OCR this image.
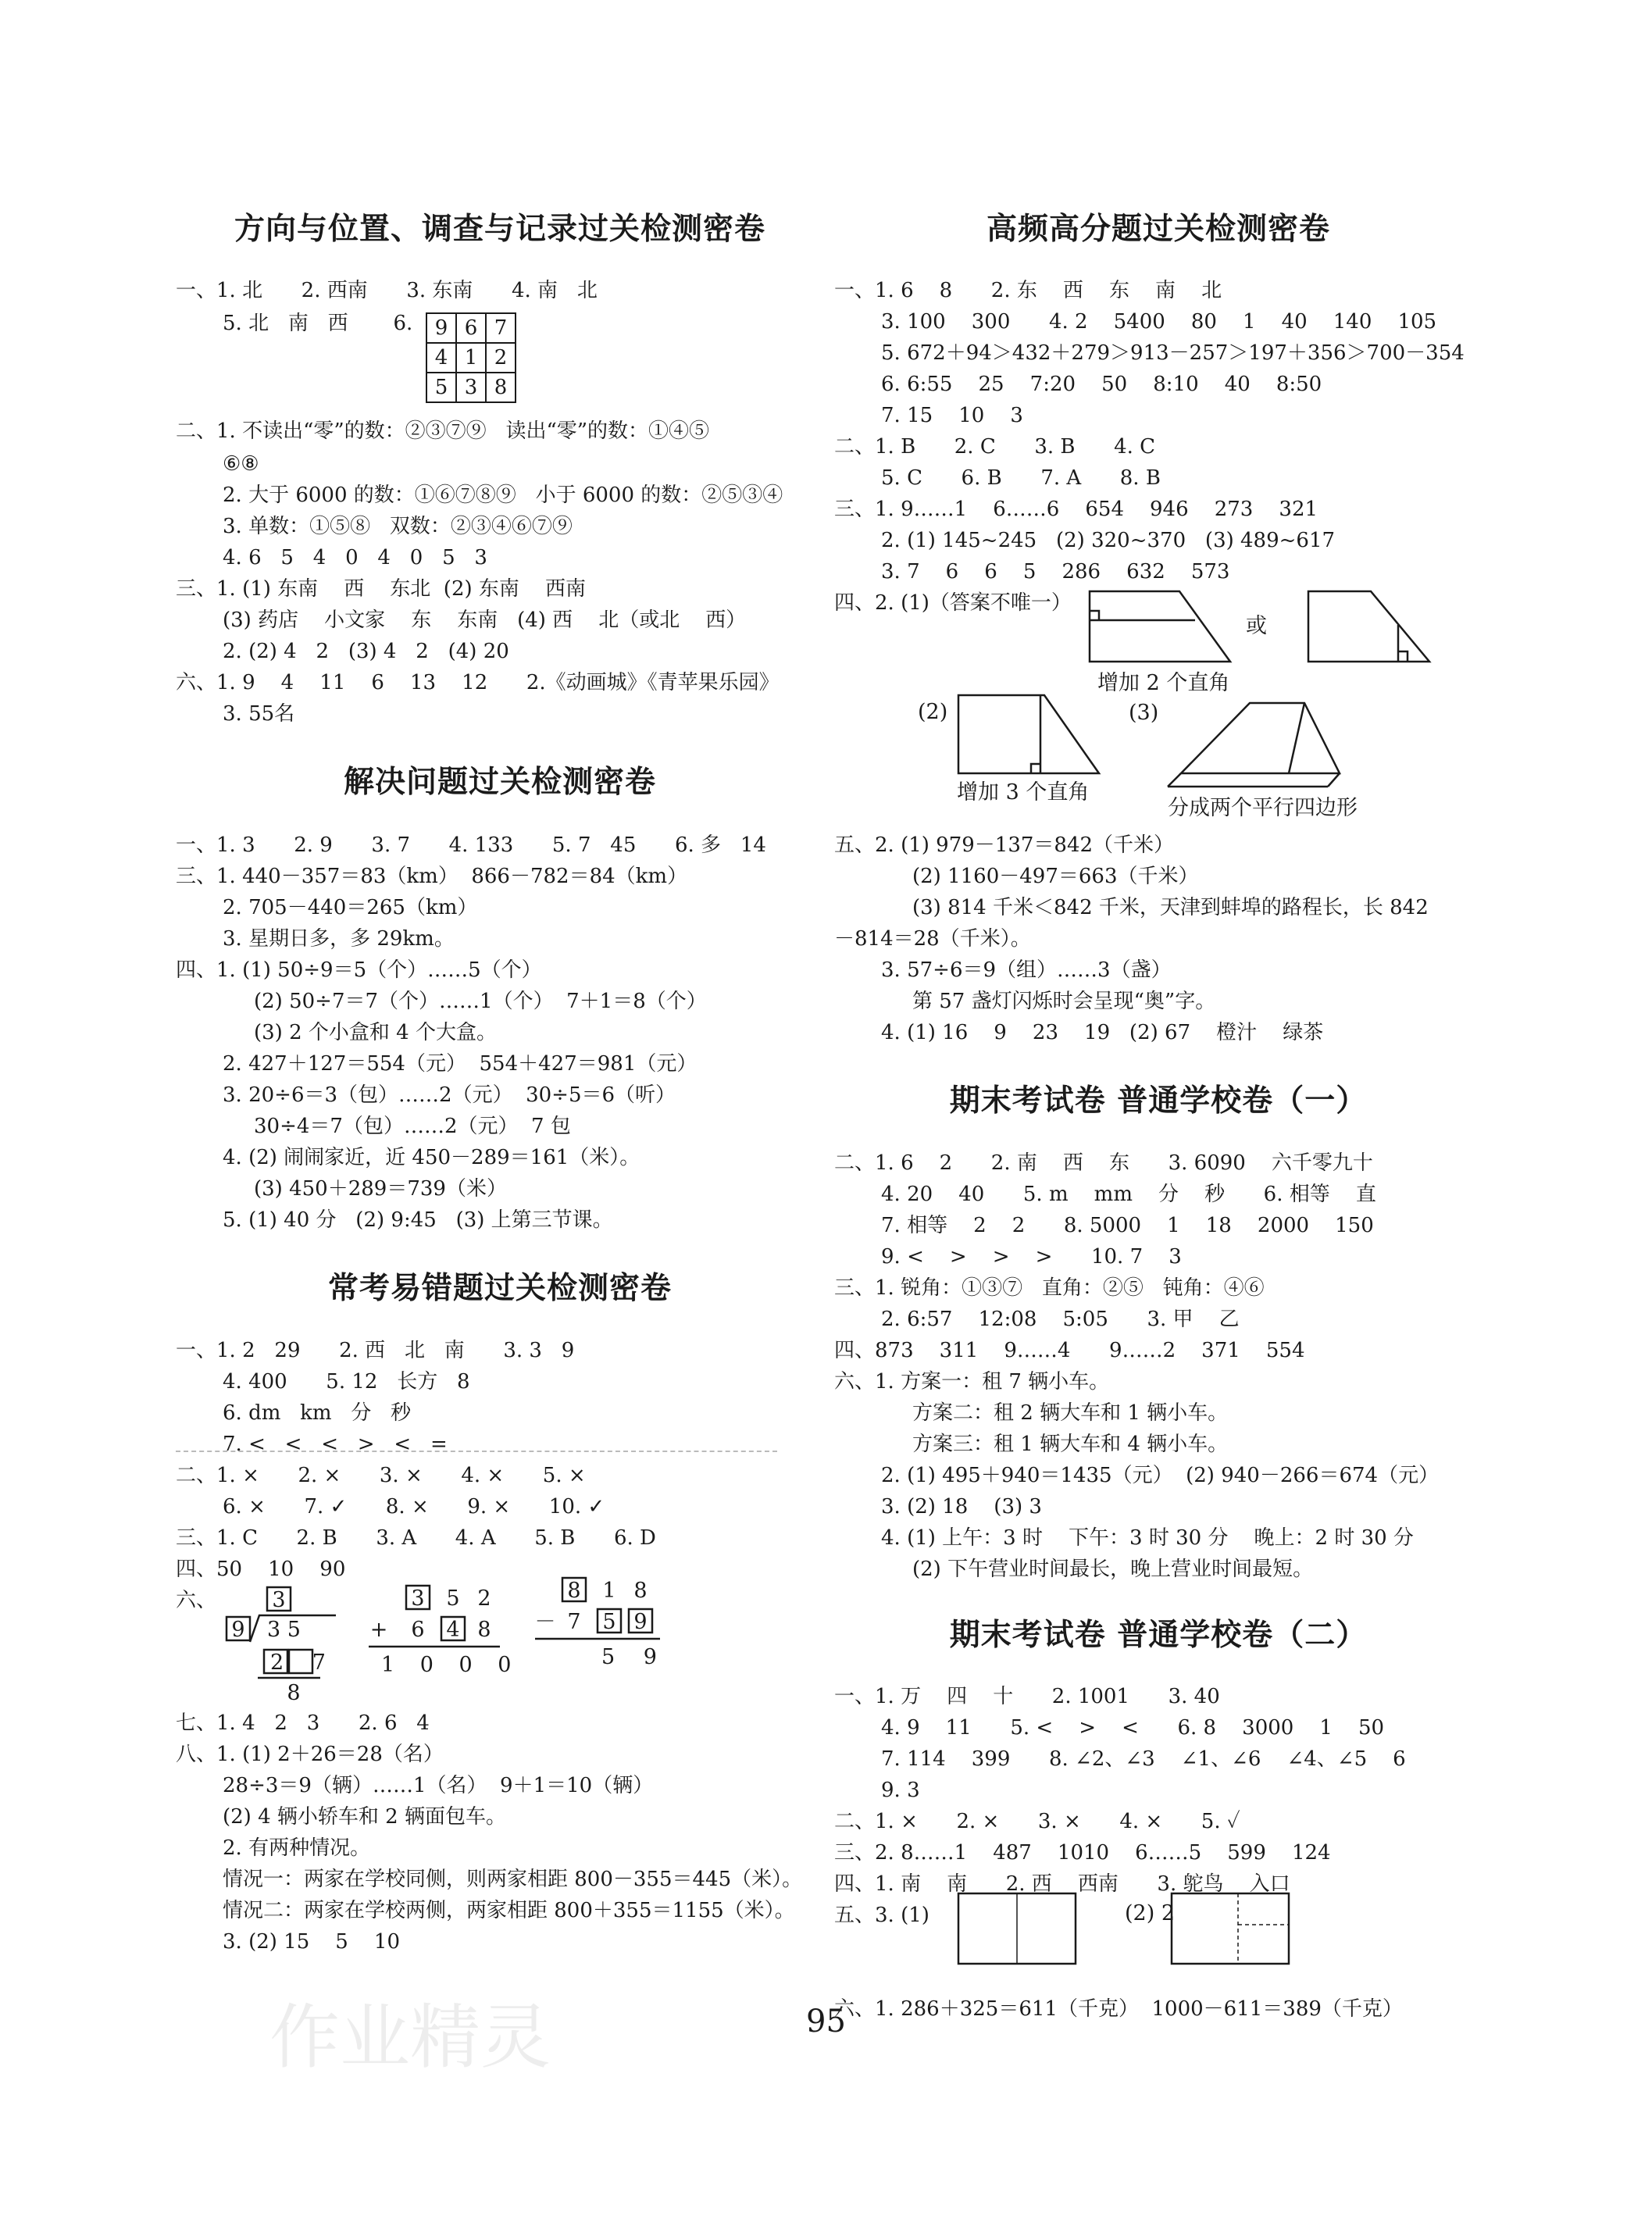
方向与位置、调查与记录过关检测密卷
一、1. 北      2. 西南      3. 东南      4. 南   北
5. 北   南   西       6.
二、1. 不读出“零”的数：②③⑦⑨   读出“零”的数：①④⑤
⑥⑧
2. 大于 6000 的数：①⑥⑦⑧⑨   小于 6000 的数：②⑤③④
3. 单数：①⑤⑧   双数：②③④⑥⑦⑨
4. 6   5   4   0   4   0   5   3
三、1. (1) 东南    西    东北  (2) 东南    西南
(3) 药店    小文家    东    东南   (4) 西    北（或北    西）
2. (2) 4   2   (3) 4   2   (4) 20
六、1. 9    4    11    6    13    12      2.《动画城》《青苹果乐园》
3. 55名
解决问题过关检测密卷
一、1. 3      2. 9      3. 7      4. 133      5. 7   45      6. 多   14
三、1. 440－357＝83（km）  866－782＝84（km）
2. 705－440＝265（km）
3. 星期日多，多 29km。
四、1. (1) 50÷9＝5（个）……5（个）
(2) 50÷7＝7（个）……1（个）  7＋1＝8（个）
(3) 2 个小盒和 4 个大盒。
2. 427＋127＝554（元）  554＋427＝981（元）
3. 20÷6＝3（包）……2（元）  30÷5＝6（听）
30÷4＝7（包）……2（元）  7 包
4. (2) 闹闹家近，近 450－289＝161（米）。
(3) 450＋289＝739（米）
5. (1) 40 分   (2) 9:45   (3) 上第三节课。
常考易错题过关检测密卷
一、1. 2   29      2. 西   北   南      3. 3   9
4. 400      5. 12   长方   8
6. dm   km   分   秒
7. <   <   <   >   <   =
二、1. ×      2. ×      3. ×      4. ×      5. ×
6. ×      7. ✓      8. ×      9. ×      10. ✓
三、1. C      2. B      3. A      4. A      5. B      6. D
四、50    10    90
六、
七、1. 4   2   3      2. 6   4
八、1. (1) 2＋26＝28（名）
28÷3＝9（辆）……1（名）  9＋1＝10（辆）
(2) 4 辆小轿车和 2 辆面包车。
2. 有两种情况。
情况一：两家在学校同侧，则两家相距 800－355＝445（米）。
情况二：两家在学校两侧，两家相距 800＋355＝1155（米）。
3. (2) 15    5    10
高频高分题过关检测密卷
一、1. 6    8      2. 东    西    东    南    北
3. 100    300      4. 2    5400    80    1    40    140    105
5. 672＋94＞432＋279＞913－257＞197＋356＞700－354
6. 6:55    25    7:20    50    8:10    40    8:50
7. 15    10    3
二、1. B      2. C      3. B      4. C
5. C      6. B      7. A      8. B
三、1. 9……1    6……6    654    946    273    321
2. (1) 145~245   (2) 320~370   (3) 489~617
3. 7    6    6    5    286    632    573
四、2. (1)（答案不唯一）
五、2. (1) 979－137＝842（千米）
(2) 1160－497＝663（千米）
(3) 814 千米＜842 千米，天津到蚌埠的路程长，长 842
－814＝28（千米）。
3. 57÷6＝9（组）……3（盏）
第 57 盏灯闪烁时会呈现“奥”字。
4. (1) 16    9    23    19   (2) 67    橙汁    绿茶
期末考试卷 普通学校卷（一）
二、1. 6    2      2. 南    西    东      3. 6090    六千零九十
4. 20    40      5. m    mm    分    秒      6. 相等    直
7. 相等    2    2      8. 5000    1    18    2000    150
9. <    >    >    >      10. 7    3
三、1. 锐角：①③⑦   直角：②⑤   钝角：④⑥
2. 6:57    12:08    5:05      3. 甲    乙
四、873    311    9……4      9……2    371    554
六、1. 方案一：租 7 辆小车。
方案二：租 2 辆大车和 1 辆小车。
方案三：租 1 辆大车和 4 辆小车。
2. (1) 495＋940＝1435（元）  (2) 940－266＝674（元）
3. (2) 18    (3) 3
4. (1) 上午：3 时    下午：3 时 30 分    晚上：2 时 30 分
(2) 下午营业时间最长，晚上营业时间最短。
期末考试卷 普通学校卷（二）
一、1. 万    四    十      2. 1001      3. 40
4. 9    11      5. <    >    <      6. 8    3000    1    50
7. 114    399      8. ∠2、∠3    ∠1、∠6    ∠4、∠5    6
9. 3
二、1. ×      2. ×      3. ×      4. ×      5. ✓
三、2. 8……1    487    1010    6……5    599    124
四、1. 南    南      2. 西    西南      3. 鸵鸟    入口
五、3. (1)
六、1. 286＋325＝611（千克）  1000－611＝389（千克）
9	6	7
4	1	2
5	3	8
3
9 3 5
2 7
8
3 5 2
+ 6 4 8
1 0 0 0
8 1 8
－ 7 5 9
5 9
或
增加 2 个直角
(3)
(2)
增加 3 个直角
分成两个平行四边形
(2) 2
95
作业精灵
